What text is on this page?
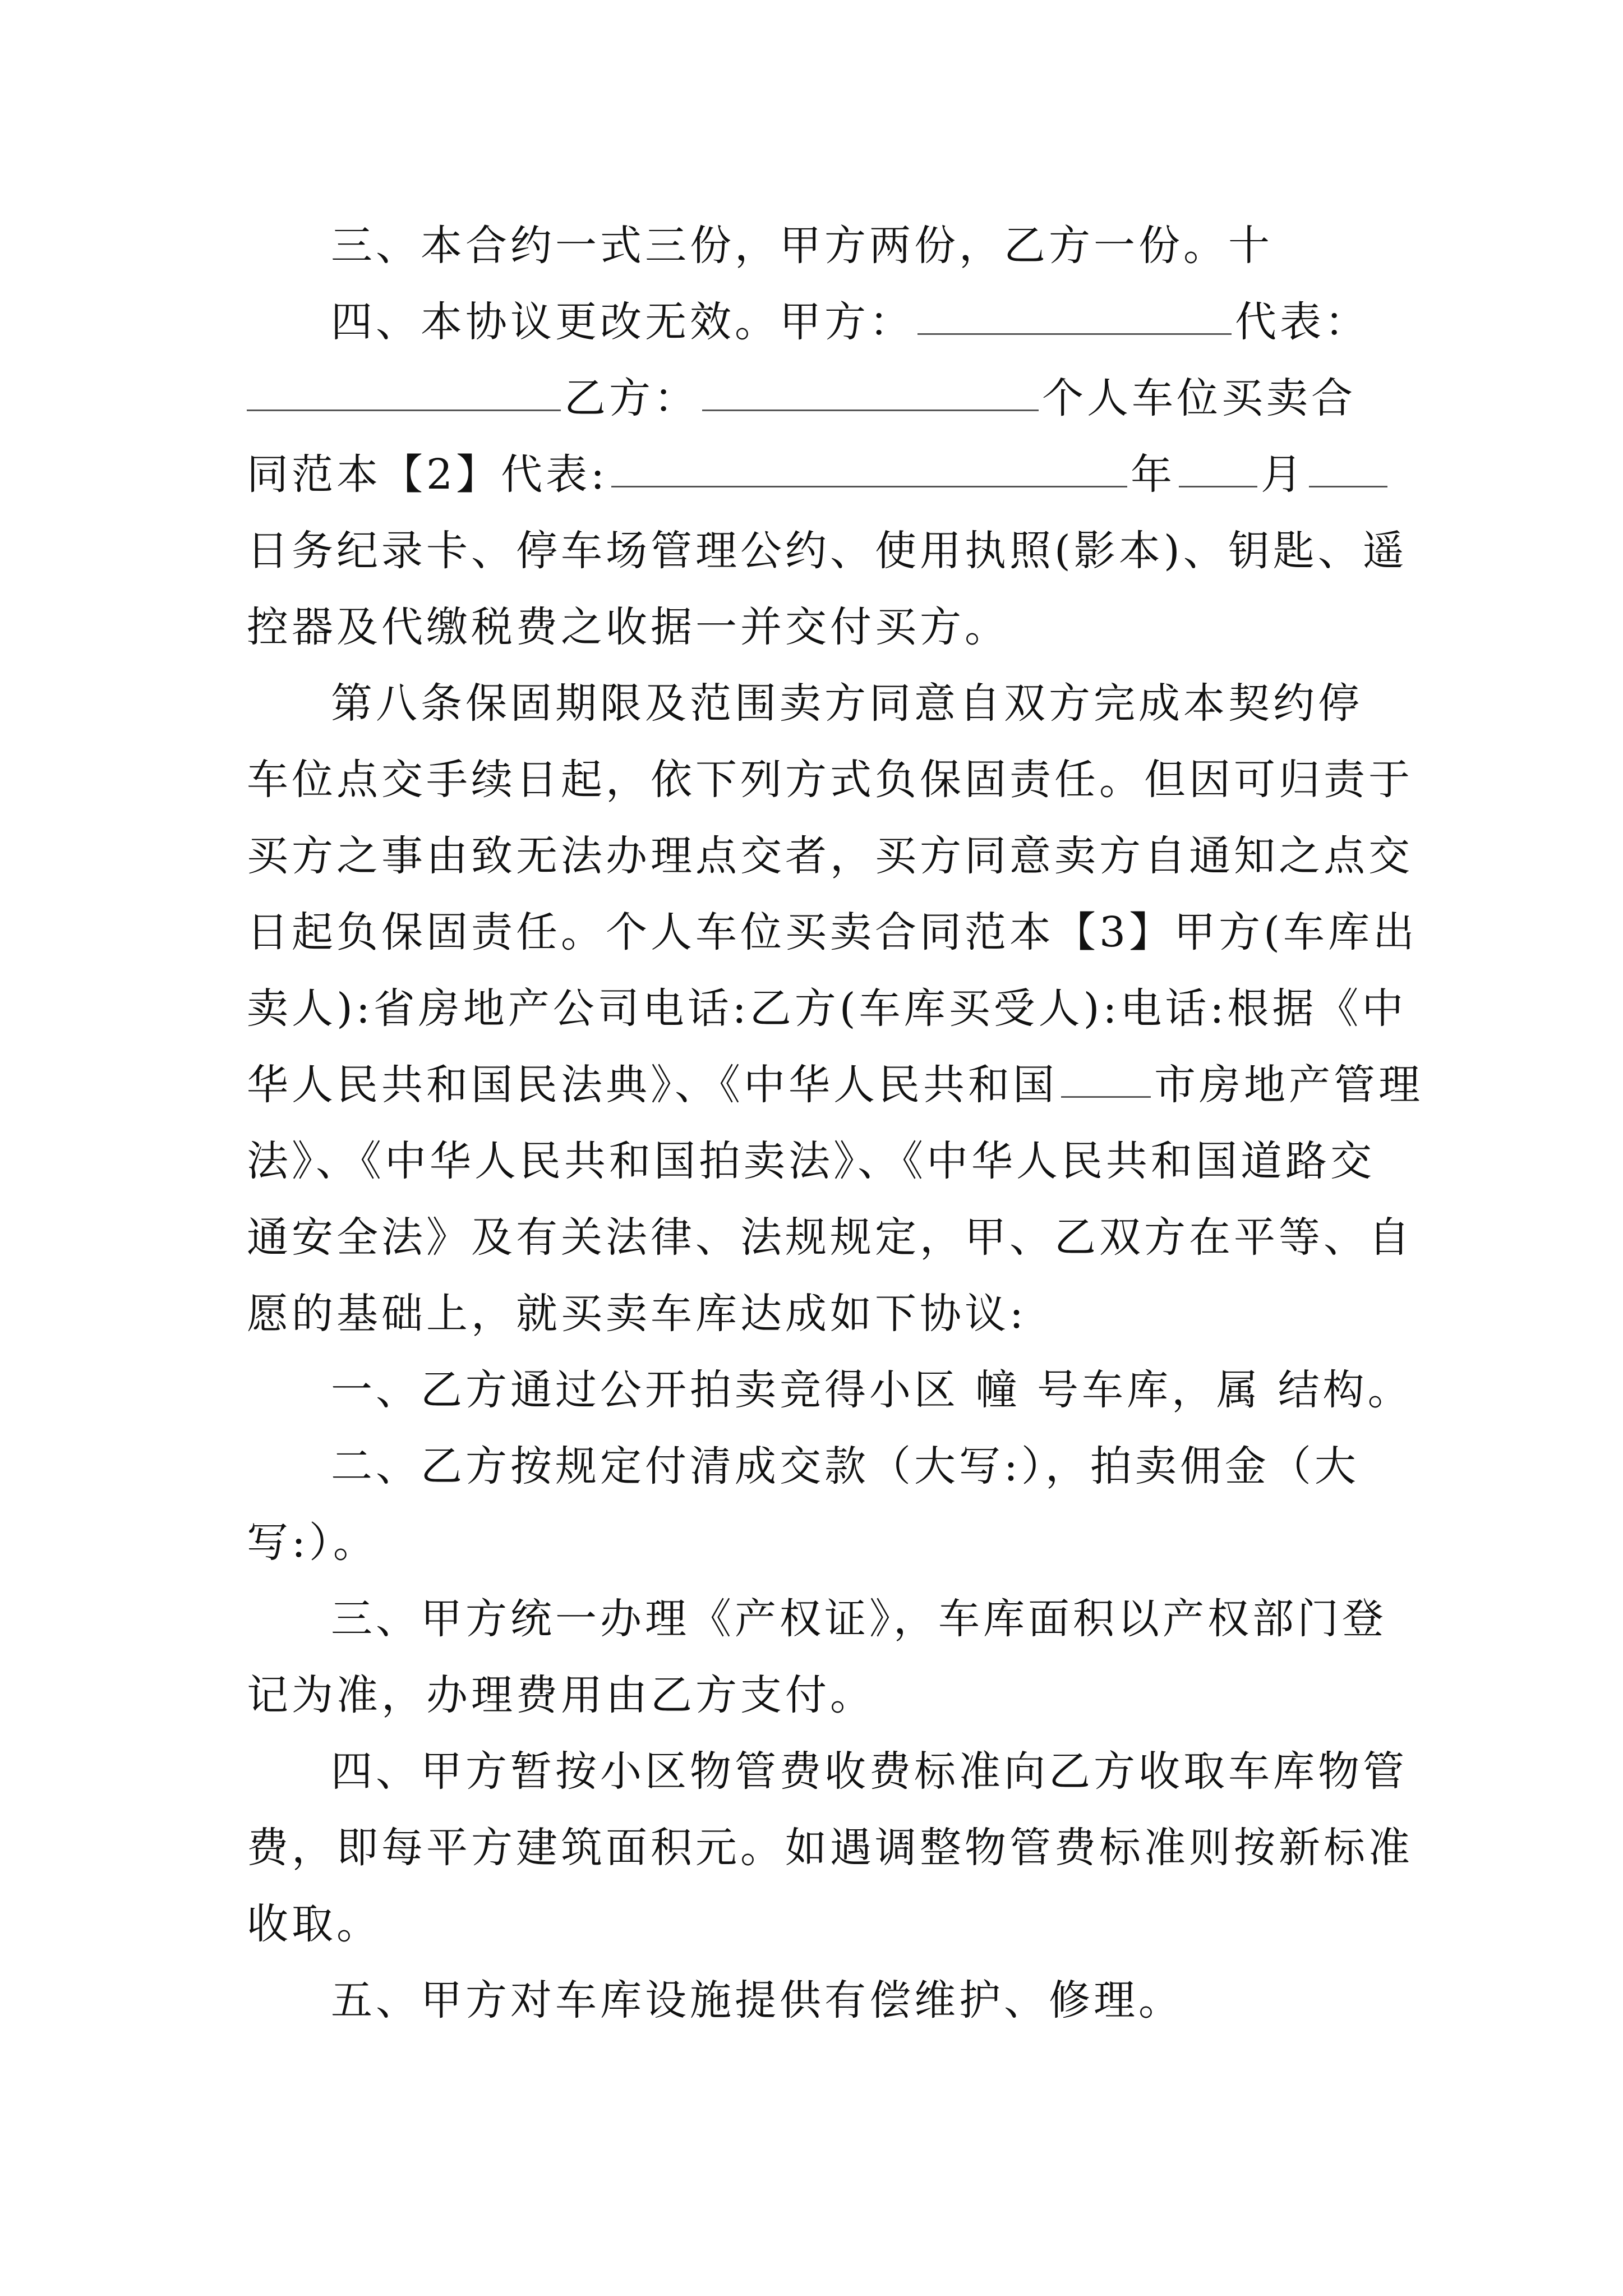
三、本合约一式三份，甲方两份，乙方一份。十
四、本协议更改无效。甲方：	代表：
乙方：	个人车位买卖合
同范本【2】代表:	年 月
日务纪录卡、停车场管理公约、使用执照(影本)、钥匙、遥
控器及代缴税费之收据一并交付买方。
第八条保固期限及范围卖方同意自双方完成本契约停
车位点交手续日起，依下列方式负保固责任。但因可归责于
买方之事由致无法办理点交者，买方同意卖方自通知之点交
日起负保固责任。个人车位买卖合同范本【3】甲方(车库出
卖人):省房地产公司电话:乙方(车库买受人):电话:根据《中
华人民共和国民法典》、《中华人民共和国 市房地产管理
法》、《中华人民共和国拍卖法》、《中华人民共和国道路交
通安全法》及有关法律、法规规定，甲、乙双方在平等、自
愿的基础上，就买卖车库达成如下协议:
一、乙方通过公开拍卖竞得小区 幢 号车库，属 结构。
二、乙方按规定付清成交款（大写:），拍卖佣金（大
写:）。
三、甲方统一办理《产权证》，车库面积以产权部门登
记为准，办理费用由乙方支付。
四、甲方暂按小区物管费收费标准向乙方收取车库物管
费，即每平方建筑面积元。如遇调整物管费标准则按新标准
收取。
五、甲方对车库设施提供有偿维护、修理。
